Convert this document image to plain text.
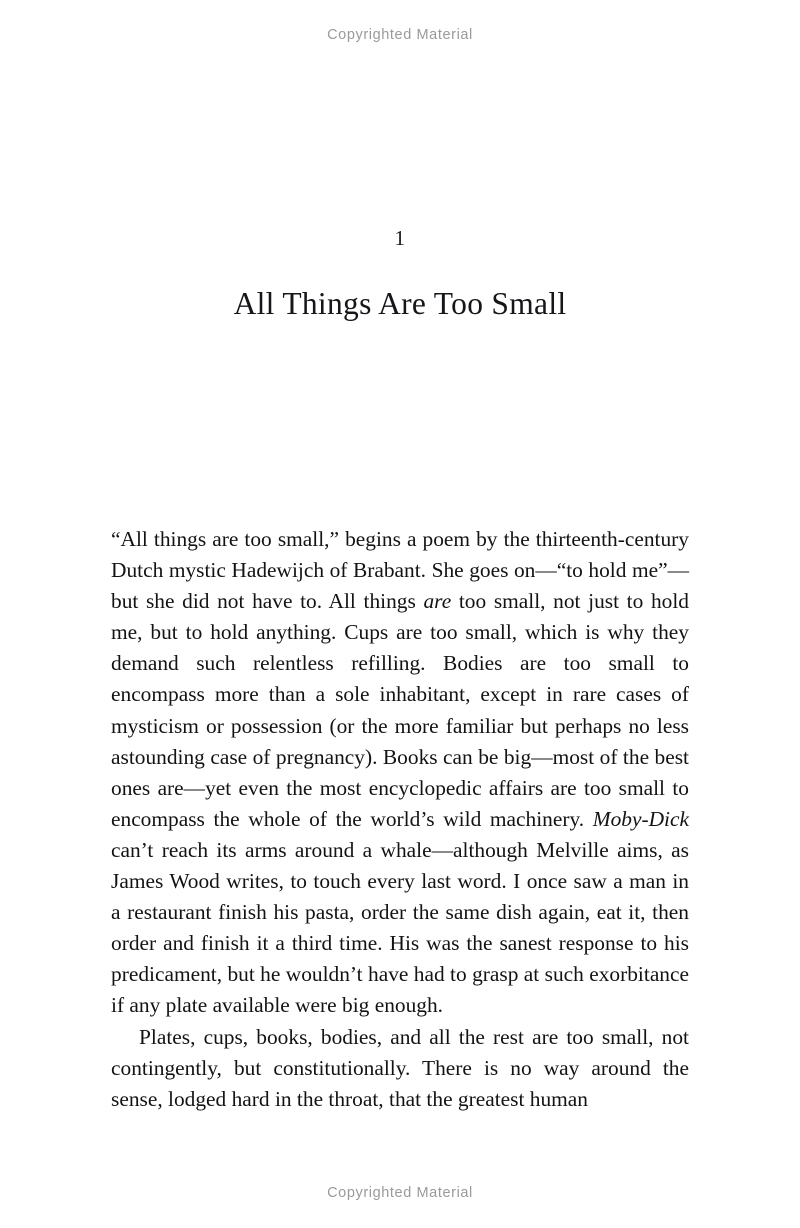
Copyrighted Material
1
All Things Are Too Small

“All things are too small,” begins a poem by the thirteenth-century Dutch mystic Hadewijch of Brabant. She goes on—“to hold me”—but she did not have to. All things are too small, not just to hold me, but to hold anything. Cups are too small, which is why they demand such relentless refilling. Bodies are too small to encompass more than a sole inhabitant, except in rare cases of mysticism or possession (or the more familiar but perhaps no less astounding case of pregnancy). Books can be big—most of the best ones are—yet even the most encyclopedic affairs are too small to encompass the whole of the world’s wild machinery. Moby-Dick can’t reach its arms around a whale—although Melville aims, as James Wood writes, to touch every last word. I once saw a man in a restaurant finish his pasta, order the same dish again, eat it, then order and finish it a third time. His was the sanest response to his predicament, but he wouldn’t have had to grasp at such exorbitance if any plate available were big enough.

Plates, cups, books, bodies, and all the rest are too small, not contingently, but constitutionally. There is no way around the sense, lodged hard in the throat, that the greatest human

Copyrighted Material
